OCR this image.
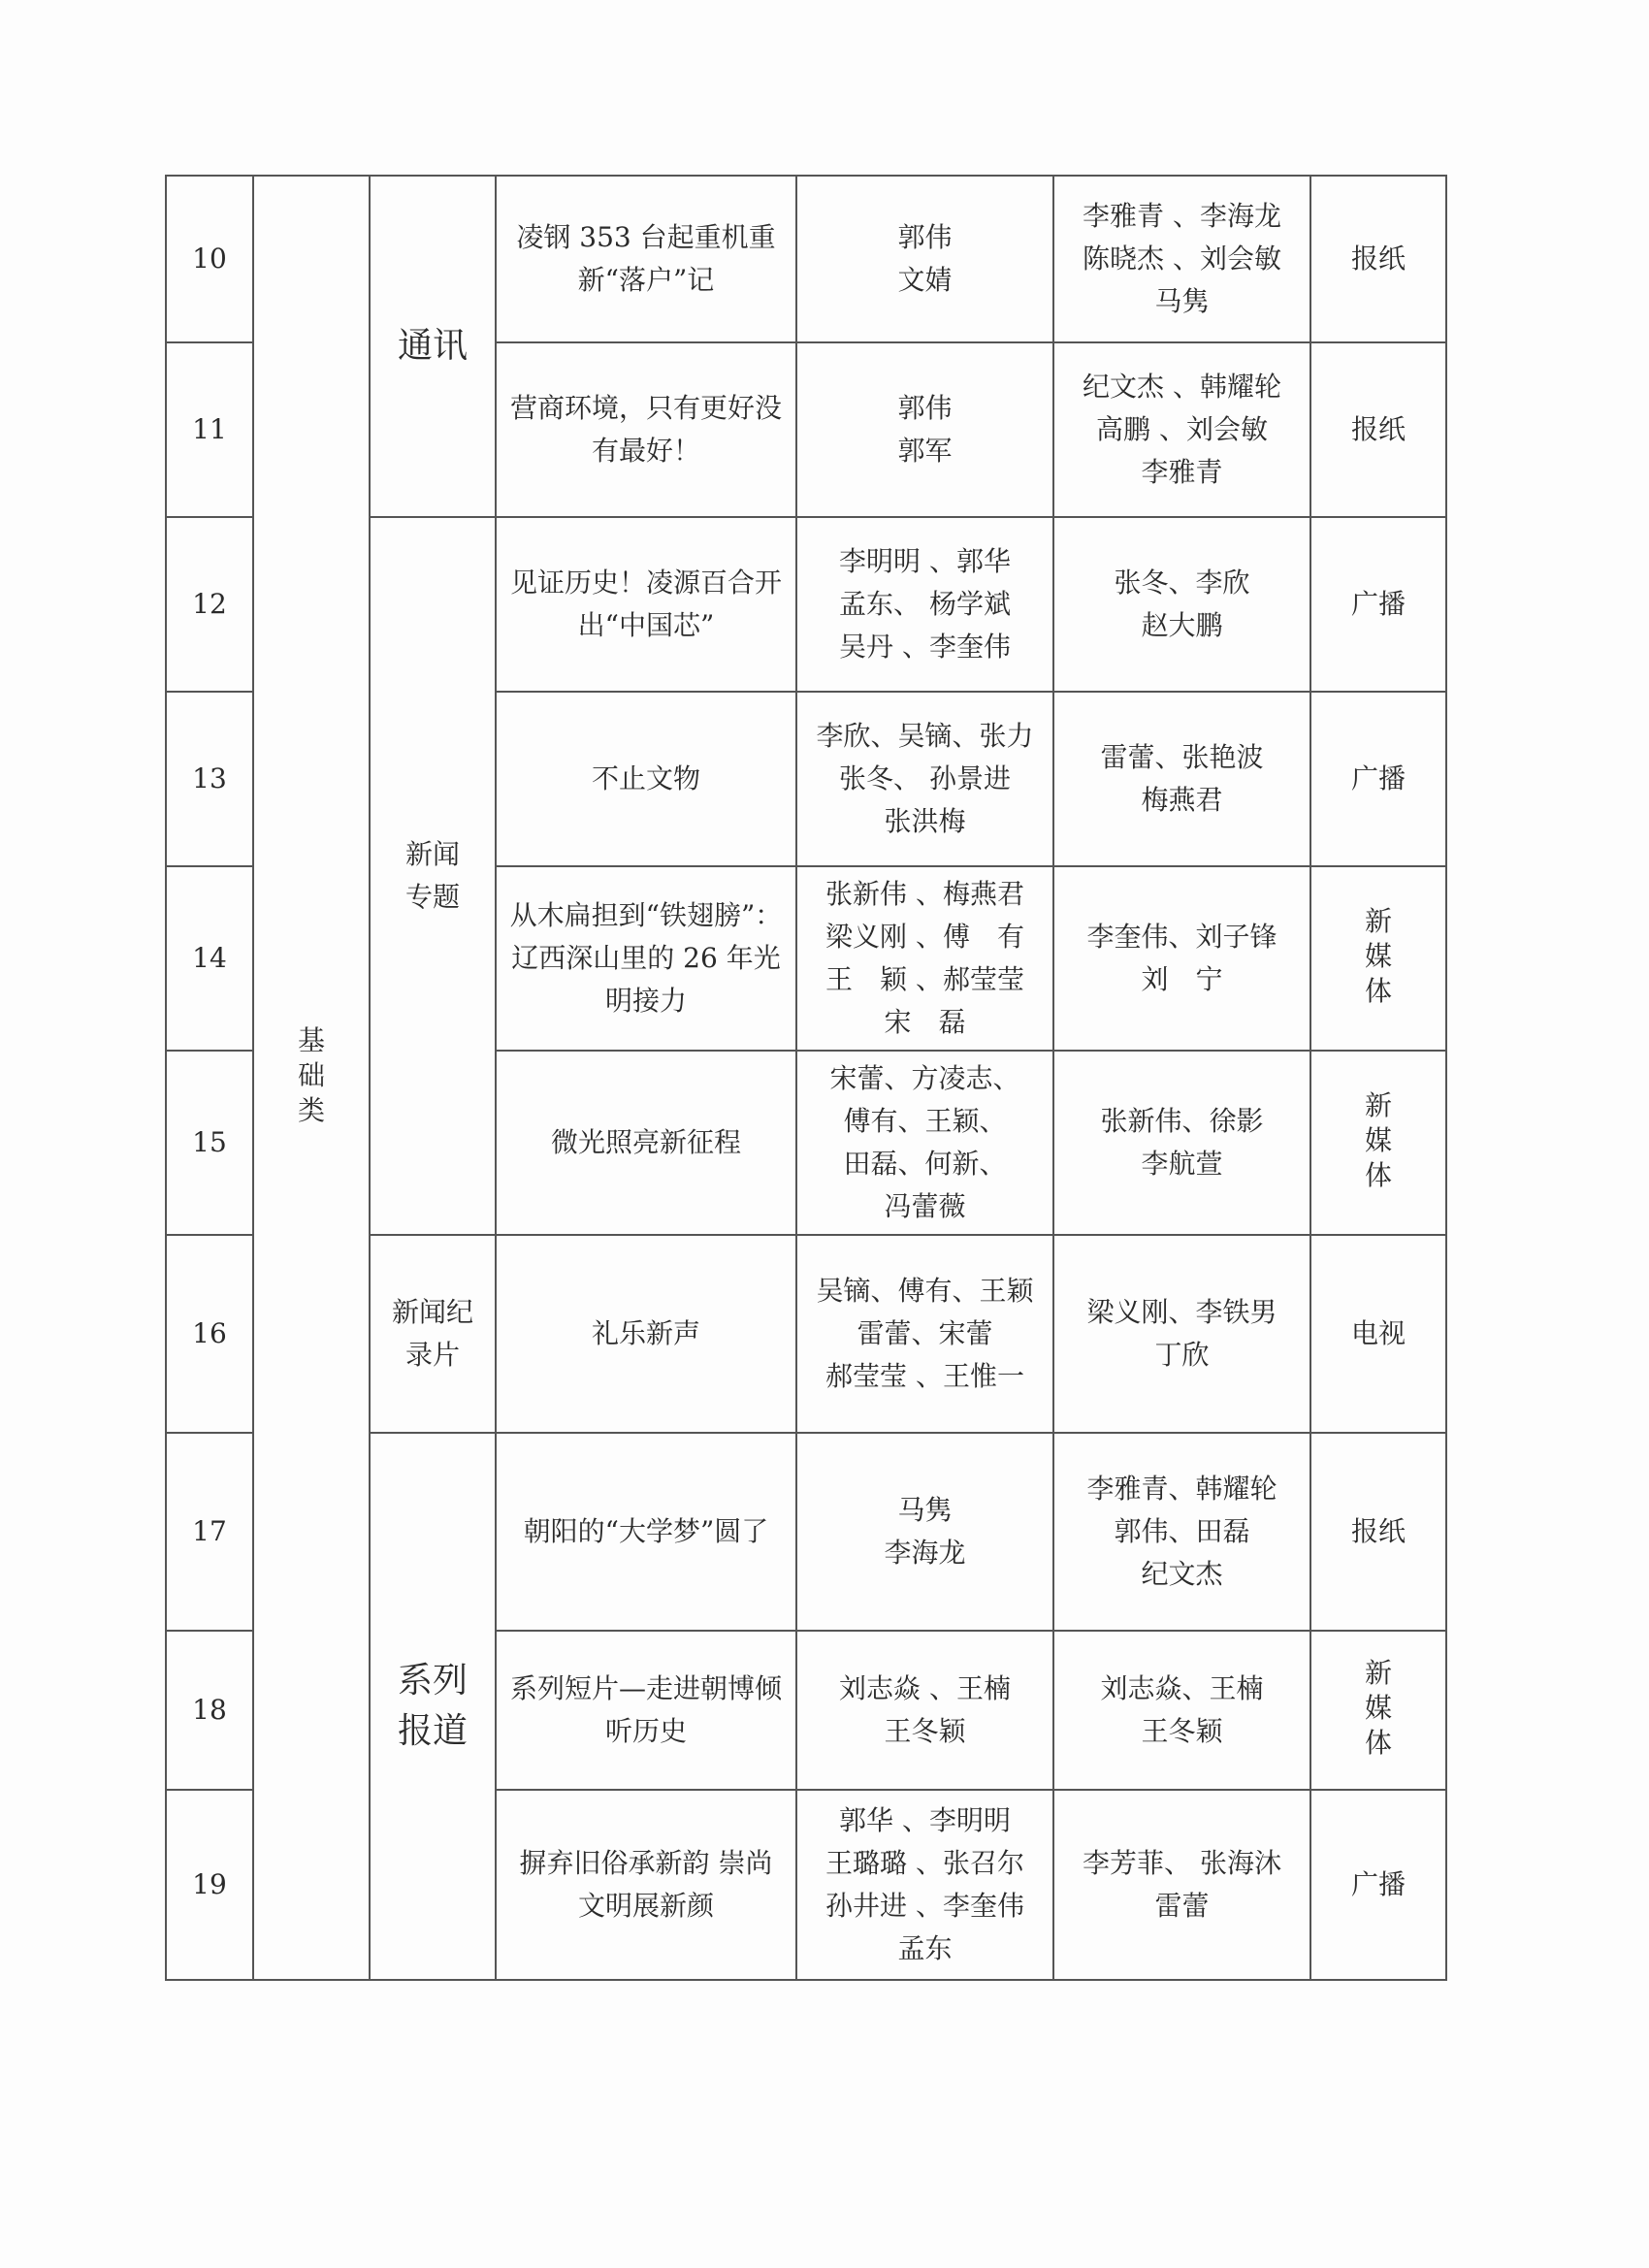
10	基础类	通讯	凌钢 353 台起重机重新“落户”记	郭伟
文婧	李雅青 、李海龙
陈晓杰 、刘会敏
马隽	报纸
11			营商环境，只有更好没有最好！	郭伟
郭军	纪文杰 、韩耀轮
高鹏 、刘会敏
李雅青	报纸
12		新闻专题	见证历史！凌源百合开出“中国芯”	李明明 、郭华
孟东、 杨学斌
吴丹 、李奎伟	张冬、李欣
赵大鹏	广播
13			不止文物	李欣、吴镝、张力
张冬、 孙景进
张洪梅	雷蕾、张艳波
梅燕君	广播
14			从木扁担到“铁翅膀”：辽西深山里的 26 年光明接力	张新伟 、梅燕君
梁义刚 、傅　有
王　颖 、郝莹莹
宋　磊	李奎伟、刘子锋
刘　宁	新媒体
15			微光照亮新征程	宋蕾、方凌志、
傅有、王颖、
田磊、何新、
冯蕾薇	张新伟、徐影
李航萱	新媒体
16		新闻纪录片	礼乐新声	吴镝、傅有、王颖
雷蕾、宋蕾
郝莹莹 、王惟一	梁义刚、李铁男
丁欣	电视
17		系列报道	朝阳的“大学梦”圆了	马隽
李海龙	李雅青、韩耀轮
郭伟、田磊
纪文杰	报纸
18			系列短片—走进朝博倾听历史	刘志焱 、王楠
王冬颖	刘志焱、王楠
王冬颖	新媒体
19			摒弃旧俗承新韵 崇尚文明展新颜	郭华 、李明明
王璐璐 、张召尔
孙井进 、李奎伟
孟东	李芳菲、 张海沐
雷蕾	广播
